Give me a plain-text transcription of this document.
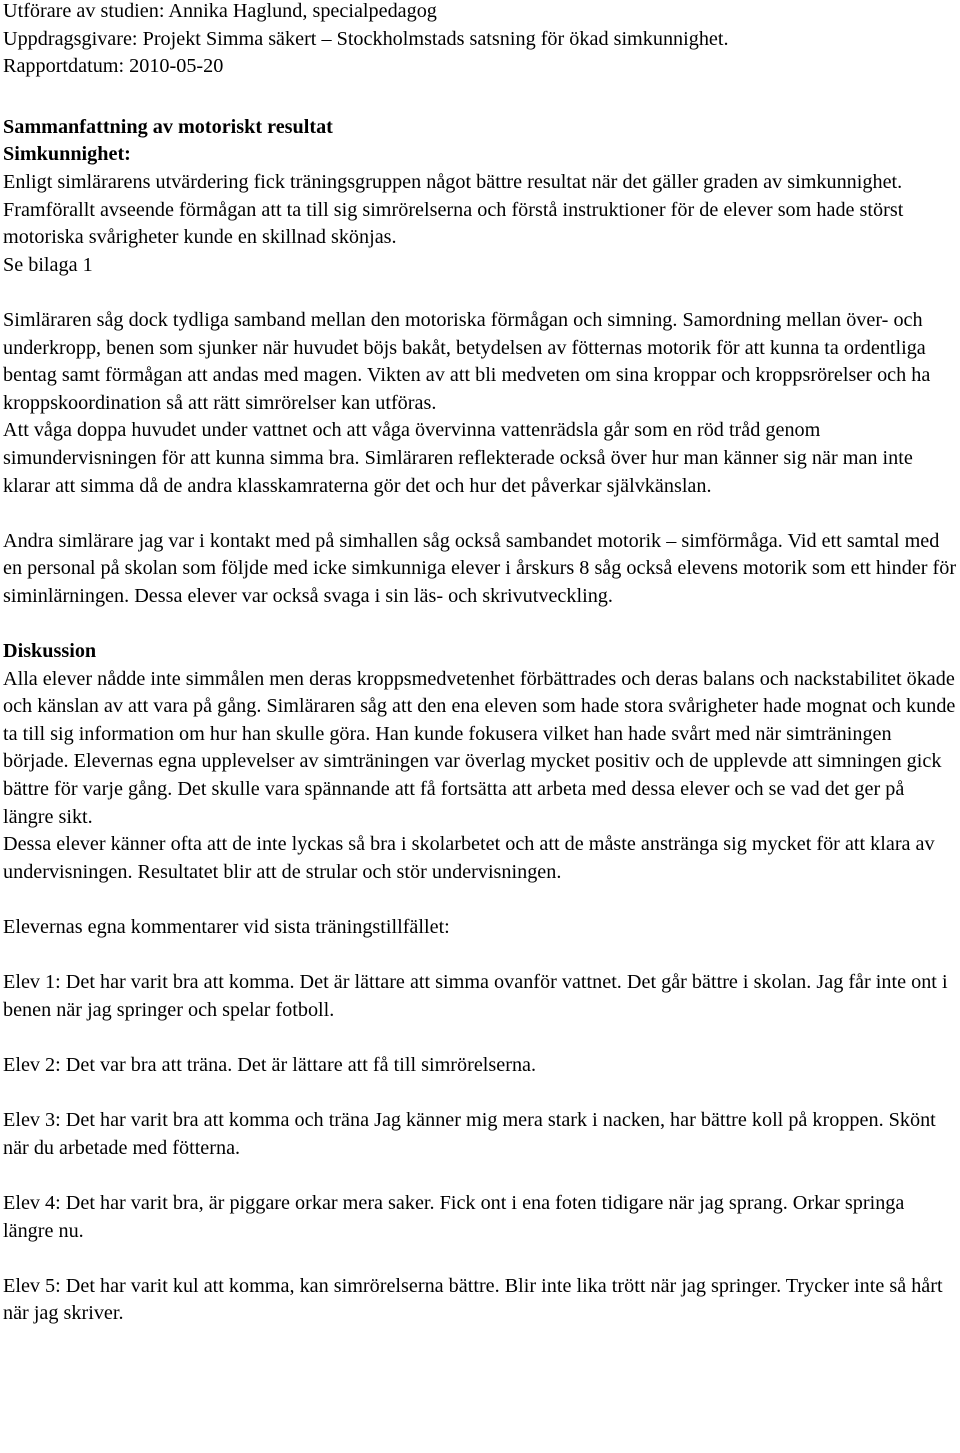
Utförare av studien: Annika Haglund, specialpedagog
Uppdragsgivare: Projekt Simma säkert – Stockholmstads satsning för ökad simkunnighet.
Rapportdatum: 2010-05-20
Sammanfattning av motoriskt resultat
Simkunnighet:

Enligt simlärarens utvärdering fick träningsgruppen något bättre resultat när det gäller graden av simkunnighet. Framförallt avseende förmågan att ta till sig simrörelserna och förstå instruktioner för de elever som hade störst motoriska svårigheter kunde en skillnad skönjas.

Se bilaga 1

Simläraren såg dock tydliga samband mellan den motoriska förmågan och simning. Samordning mellan över- och underkropp, benen som sjunker när huvudet böjs bakåt, betydelsen av fötternas motorik för att kunna ta ordentliga bentag samt förmågan att andas med magen. Vikten av att bli medveten om sina kroppar och kroppsrörelser och ha kroppskoordination så att rätt simrörelser kan utföras.

Att våga doppa huvudet under vattnet och att våga övervinna vattenrädsla går som en röd tråd genom simundervisningen för att kunna simma bra. Simläraren reflekterade också över hur man känner sig när man inte klarar att simma då de andra klasskamraterna gör det och hur det påverkar självkänslan.

Andra simlärare jag var i kontakt med på simhallen såg också sambandet motorik – simförmåga. Vid ett samtal med en personal på skolan som följde med icke simkunniga elever i årskurs 8 såg också elevens motorik som ett hinder för siminlärningen. Dessa elever var också svaga i sin läs- och skrivutveckling.

Diskussion

Alla elever nådde inte simmålen men deras kroppsmedvetenhet förbättrades och deras balans och nackstabilitet ökade och känslan av att vara på gång. Simläraren såg att den ena eleven som hade stora svårigheter hade mognat och kunde ta till sig information om hur han skulle göra. Han kunde fokusera vilket han hade svårt med när simträningen började. Elevernas egna upplevelser av simträningen var överlag mycket positiv och de upplevde att simningen gick bättre för varje gång. Det skulle vara spännande att få fortsätta att arbeta med dessa elever och se vad det ger på längre sikt.

Dessa elever känner ofta att de inte lyckas så bra i skolarbetet och att de måste anstränga sig mycket för att klara av undervisningen. Resultatet blir att de strular och stör undervisningen.

Elevernas egna kommentarer vid sista träningstillfället:

Elev 1: Det har varit bra att komma. Det är lättare att simma ovanför vattnet. Det går bättre i skolan. Jag får inte ont i benen när jag springer och spelar fotboll.

Elev 2: Det var bra att träna. Det är lättare att få till simrörelserna.

Elev 3: Det har varit bra att komma och träna Jag känner mig mera stark i nacken, har bättre koll på kroppen. Skönt när du arbetade med fötterna.

Elev 4: Det har varit bra, är piggare orkar mera saker. Fick ont i ena foten tidigare när jag sprang. Orkar springa längre nu.

Elev 5: Det har varit kul att komma, kan simrörelserna bättre. Blir inte lika trött när jag springer. Trycker inte så hårt när jag skriver.
